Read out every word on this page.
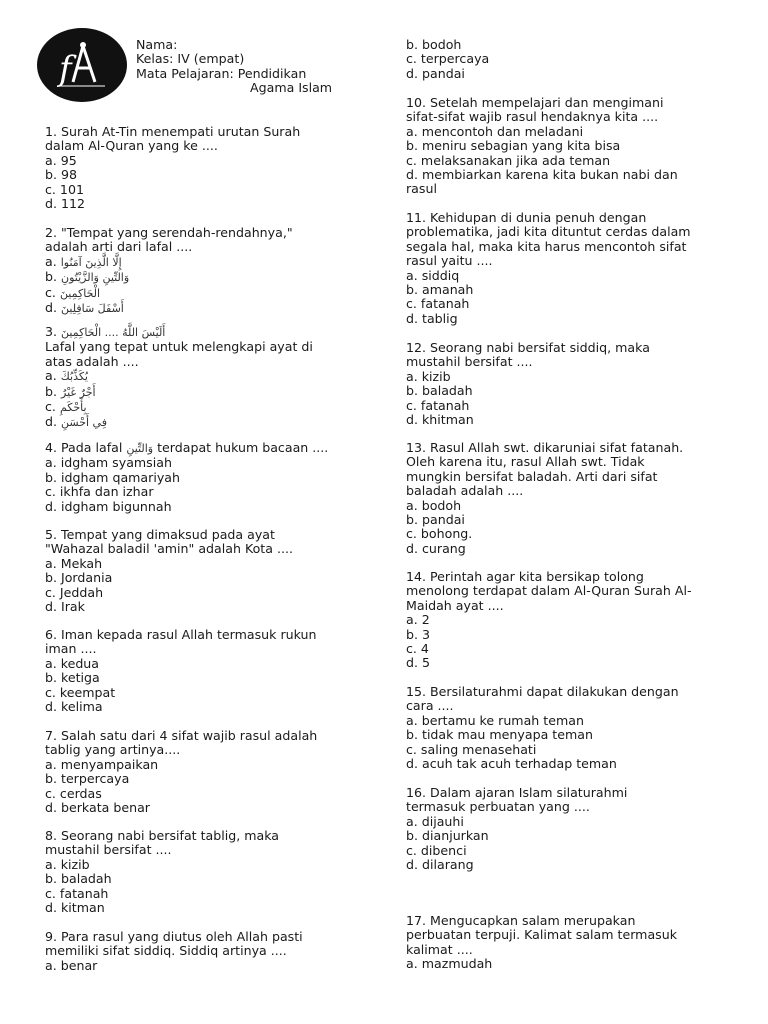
f
Nama:
Kelas: IV (empat)
Mata Pelajaran: Pendidikan
Agama Islam
1. Surah At-Tin menempati urutan Surah
dalam Al-Quran yang ke ....
a. 95
b. 98
c. 101
d. 112
2. "Tempat yang serendah-rendahnya,"
adalah arti dari lafal ....
a. إِلَّا الَّذِينَ آمَنُوا
b. وَالتِّينِ وَالزَّيْتُونِ
c. الْحَاكِمِينَ
d. أَسْفَلَ سَافِلِينَ
3. أَلَيْسَ اللَّهُ .... الْحَاكِمِينَ
Lafal yang tepat untuk melengkapi ayat di
atas adalah ....
a. يُكَذِّبُكَ
b. أَجْرٌ غَيْرُ
c. بِأَحْكَمِ
d. فِي أَحْسَنِ
4. Pada lafal وَالتِّينِ terdapat hukum bacaan ....
a. idgham syamsiah
b. idgham qamariyah
c. ikhfa dan izhar
d. idgham bigunnah
5. Tempat yang dimaksud pada ayat
"Wahazal baladil 'amin" adalah Kota ....
a. Mekah
b. Jordania
c. Jeddah
d. Irak
6. Iman kepada rasul Allah termasuk rukun
iman ....
a. kedua
b. ketiga
c. keempat
d. kelima
7. Salah satu dari 4 sifat wajib rasul adalah
tablig yang artinya....
a. menyampaikan
b. terpercaya
c. cerdas
d. berkata benar
8. Seorang nabi bersifat tablig, maka
mustahil bersifat ....
a. kizib
b. baladah
c. fatanah
d. kitman
9. Para rasul yang diutus oleh Allah pasti
memiliki sifat siddiq. Siddiq artinya ....
a. benar
b. bodoh
c. terpercaya
d. pandai
10. Setelah mempelajari dan mengimani
sifat-sifat wajib rasul hendaknya kita ....
a. mencontoh dan meladani
b. meniru sebagian yang kita bisa
c. melaksanakan jika ada teman
d. membiarkan karena kita bukan nabi dan
rasul
11. Kehidupan di dunia penuh dengan
problematika, jadi kita dituntut cerdas dalam
segala hal, maka kita harus mencontoh sifat
rasul yaitu ....
a. siddiq
b. amanah
c. fatanah
d. tablig
12. Seorang nabi bersifat siddiq, maka
mustahil bersifat ....
a. kizib
b. baladah
c. fatanah
d. khitman
13. Rasul Allah swt. dikaruniai sifat fatanah.
Oleh karena itu, rasul Allah swt. Tidak
mungkin bersifat baladah. Arti dari sifat
baladah adalah ....
a. bodoh
b. pandai
c. bohong.
d. curang
14. Perintah agar kita bersikap tolong
menolong terdapat dalam Al-Quran Surah Al-
Maidah ayat ....
a. 2
b. 3
c. 4
d. 5
15. Bersilaturahmi dapat dilakukan dengan
cara ....
a. bertamu ke rumah teman
b. tidak mau menyapa teman
c. saling menasehati
d. acuh tak acuh terhadap teman
16. Dalam ajaran Islam silaturahmi
termasuk perbuatan yang ....
a. dijauhi
b. dianjurkan
c. dibenci
d. dilarang
17. Mengucapkan salam merupakan
perbuatan terpuji. Kalimat salam termasuk
kalimat ....
a. mazmudah
